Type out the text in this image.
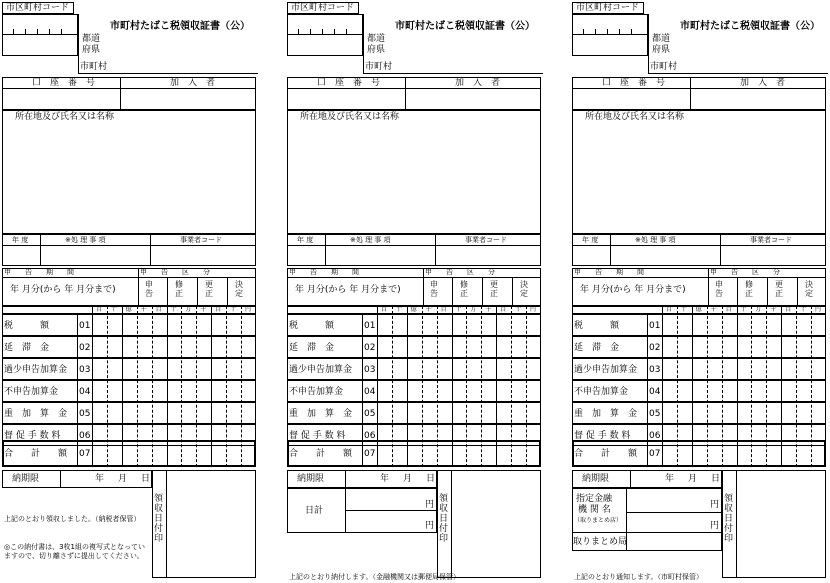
市区町村コード
都道
府県
市町村
市町村たばこ税領収証書（公）
口　座　番　号	加　入　者
所在地及び氏名又は名称
年 度	※処 理 事 項	事業者コード
申　　告　　期　　間	申　　告　　区　　分
年 月分(から 年 月分まで)
申告
修正
更正
決定
百 十 億 千 百 十 万 千 百 十 円
税　　　額	01
延　滞　金	02
過少申告加算金 03
不申告加算金 04
重　加　算　金 05
督 促 手 数 料 06
合　　計　　額 07
納期限	年 月 日
領収日付印
上記のとおり領収しました。（納税者保管）
◎この納付書は、3枚1組の複写式となっていますので、切り離さずに提出してください。
市区町村コード
都道
府県
市町村
市町村たばこ税領収証書（公）
口　座　番　号	加　入　者
所在地及び氏名又は名称
年 度	※処 理 事 項	事業者コード
申　　告　　期　　間	申　　告　　区　　分
年 月分(から 年 月分まで)
申告
修正
更正
決定
百 十 億 千 百 十 万 千 百 十 円
税　　　額	01
延　滞　金	02
過少申告加算金 03
不申告加算金 04
重　加　算　金 05
督 促 手 数 料 06
合　　計　　額 07
納期限	年 月 日
領収日付印
日計
円
円
上記のとおり納付します。（金融機関又は郵便局保管）
市区町村コード
都道
府県
市町村
市町村たばこ税領収証書（公）
口　座　番　号	加　入　者
所在地及び氏名又は名称
年 度	※処 理 事 項	事業者コード
申　　告　　期　　間	申　　告　　区　　分
年 月分(から 年 月分まで)
申告
修正
更正
決定
百 十 億 千 百 十 万 千 百 十 円
税　　　額	01
延　滞　金	02
過少申告加算金 03
不申告加算金 04
重　加　算　金 05
督 促 手 数 料 06
合　　計　　額 07
納期限	年 月 日
領収日付印
指定金融
機 関 名
（取りまとめ店）
取りまとめ局
円
円
上記のとおり通知します。（市町村保管）
